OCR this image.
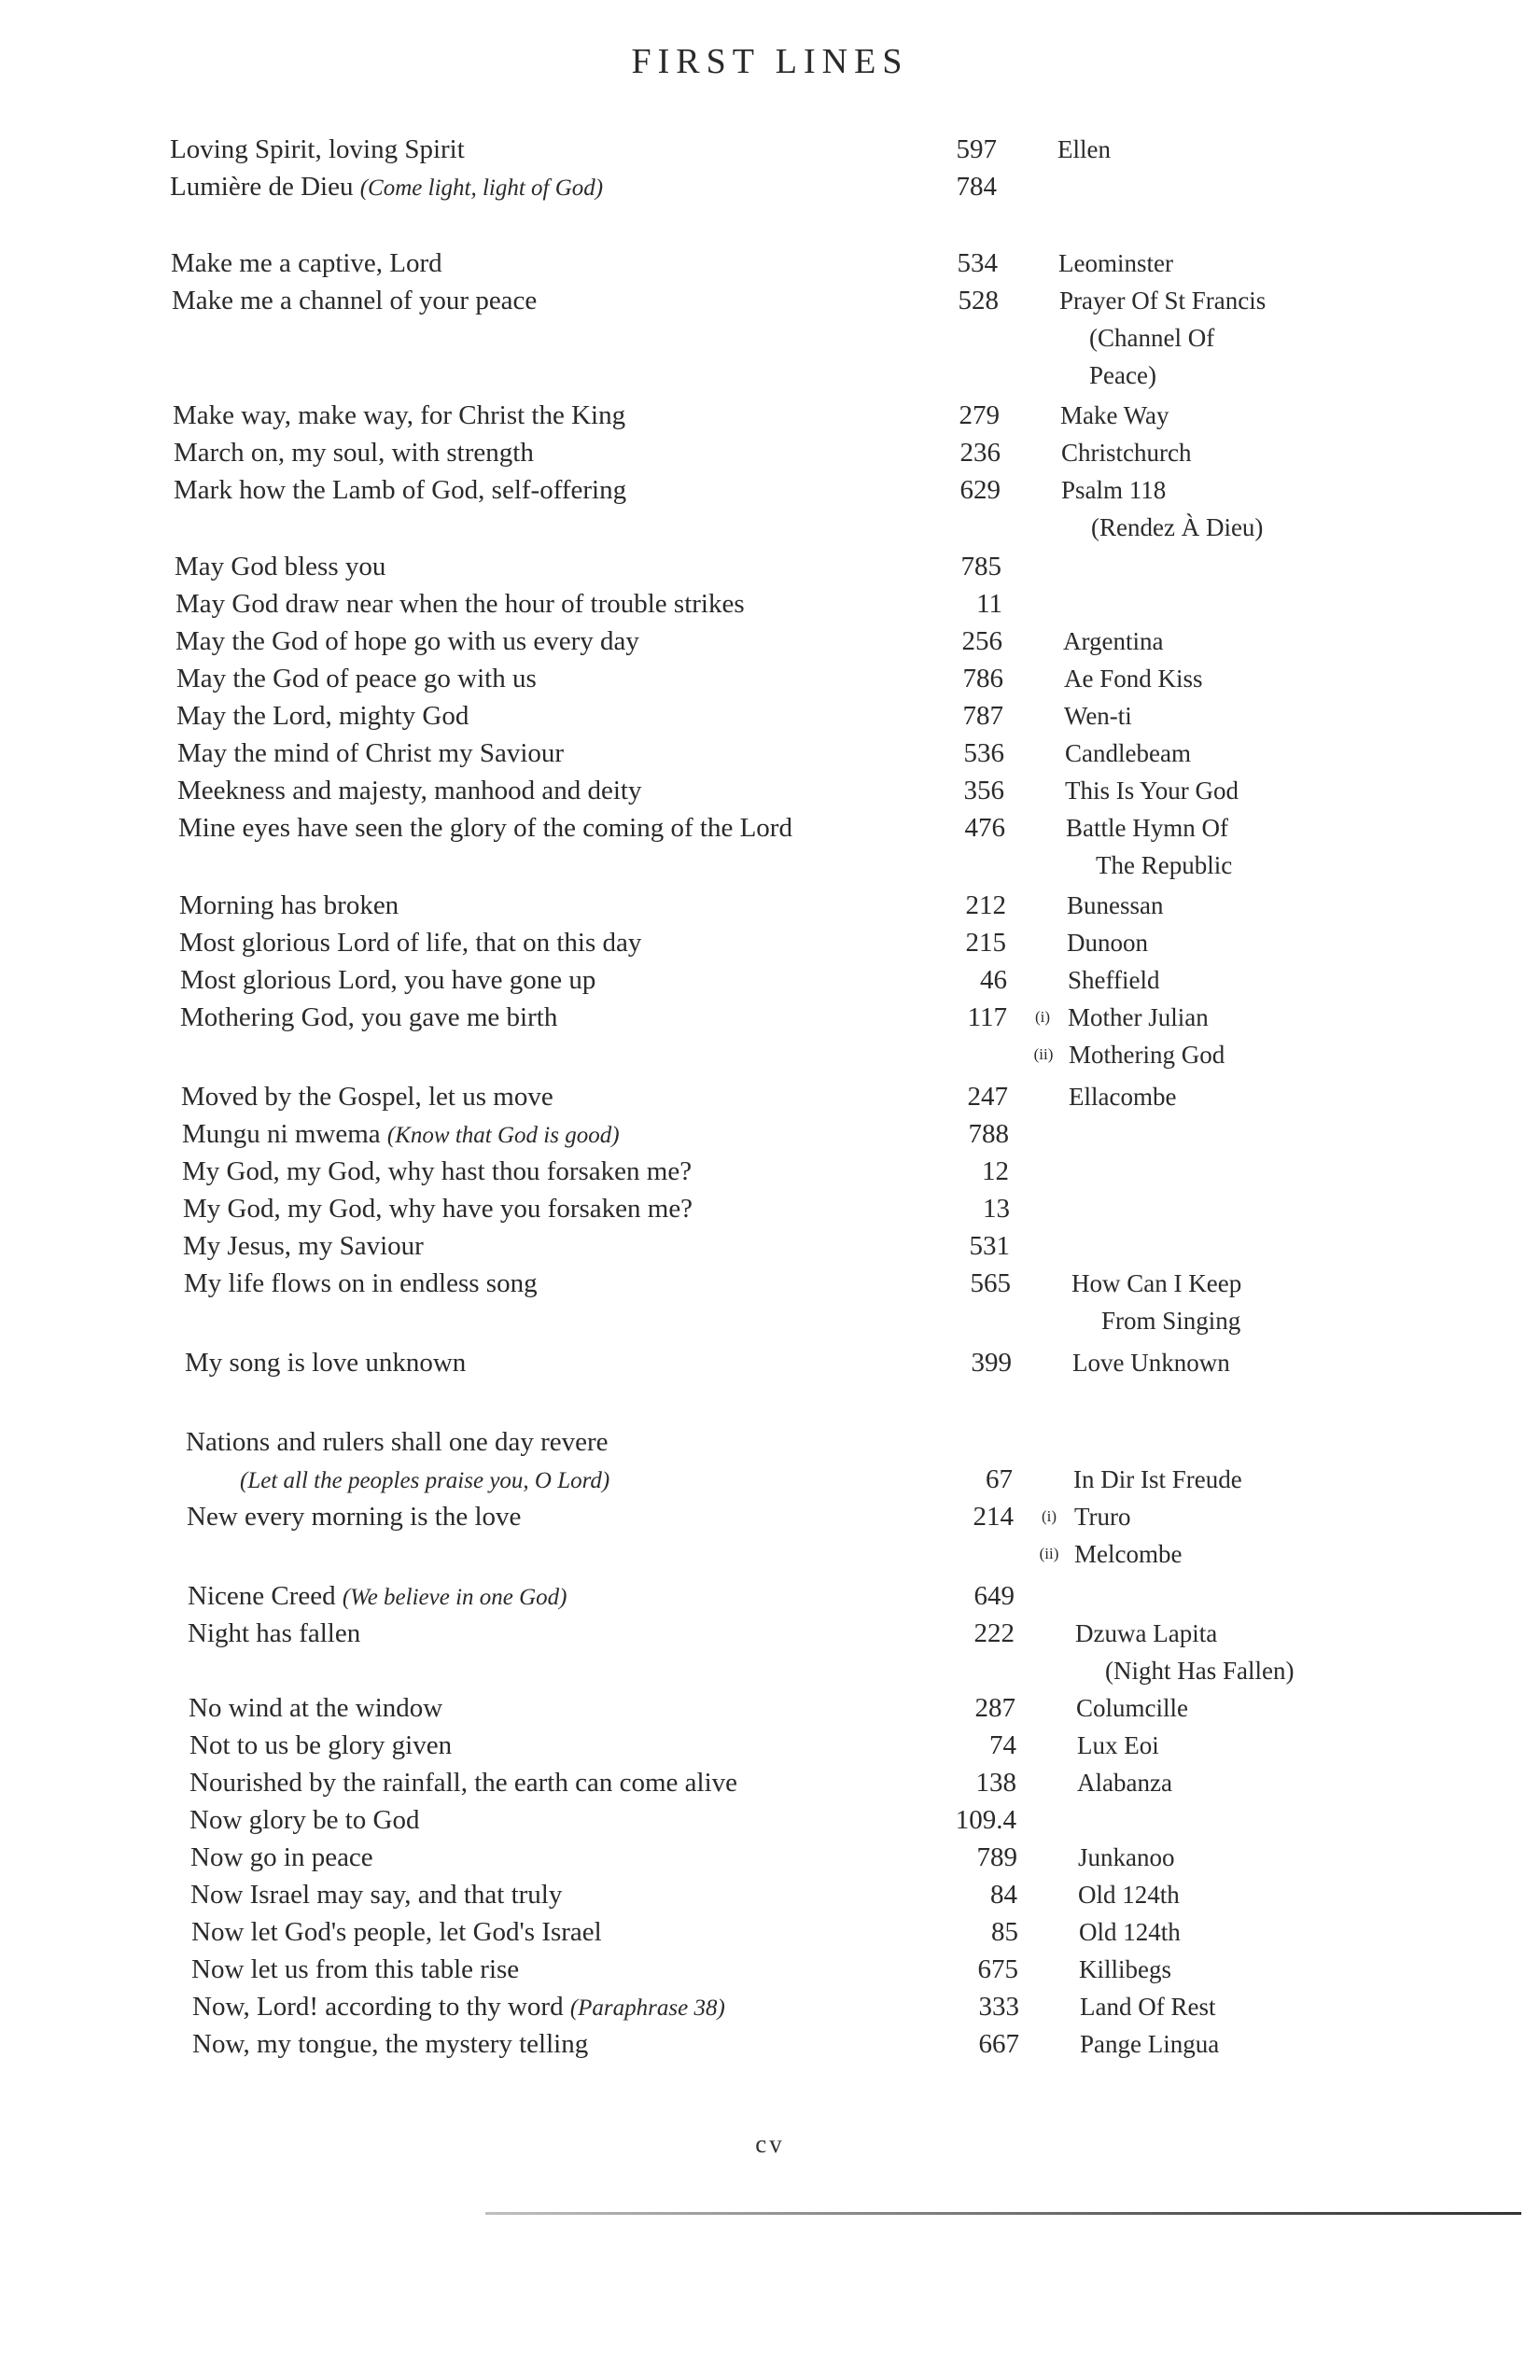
FIRST LINES
Loving Spirit, loving Spirit	597 Ellen
Lumière de Dieu (Come light, light of God)	784
Make me a captive, Lord	534 Leominster
Make me a channel of your peace	528 Prayer Of St Francis
(Channel Of
Peace)
Make way, make way, for Christ the King	279 Make Way
March on, my soul, with strength	236 Christchurch
Mark how the Lamb of God, self-offering	629 Psalm 118
(Rendez À Dieu)
May God bless you	785
May God draw near when the hour of trouble strikes	11
May the God of hope go with us every day	256 Argentina
May the God of peace go with us	786 Ae Fond Kiss
May the Lord, mighty God	787 Wen-ti
May the mind of Christ my Saviour	536 Candlebeam
Meekness and majesty, manhood and deity	356 This Is Your God
Mine eyes have seen the glory of the coming of the Lord	476 Battle Hymn Of
The Republic
Morning has broken	212 Bunessan
Most glorious Lord of life, that on this day	215 Dunoon
Most glorious Lord, you have gone up	46 Sheffield
Mothering God, you gave me birth	117	(i) Mother Julian
(ii) Mothering God
Moved by the Gospel, let us move	247 Ellacombe
Mungu ni mwema (Know that God is good)	788
My God, my God, why hast thou forsaken me?	12
My God, my God, why have you forsaken me?	13
My Jesus, my Saviour	531
My life flows on in endless song	565 How Can I Keep
From Singing
My song is love unknown	399 Love Unknown
Nations and rulers shall one day revere
(Let all the peoples praise you, O Lord)	67 In Dir Ist Freude
New every morning is the love	214	(i) Truro
(ii) Melcombe
Nicene Creed (We believe in one God)	649
Night has fallen	222 Dzuwa Lapita
(Night Has Fallen)
No wind at the window	287 Columcille
Not to us be glory given	74 Lux Eoi
Nourished by the rainfall, the earth can come alive	138 Alabanza
Now glory be to God	109.4
Now go in peace	789 Junkanoo
Now Israel may say, and that truly	84 Old 124th
Now let God's people, let God's Israel	85 Old 124th
Now let us from this table rise	675 Killibegs
Now, Lord! according to thy word (Paraphrase 38)	333 Land Of Rest
Now, my tongue, the mystery telling	667 Pange Lingua
cv
